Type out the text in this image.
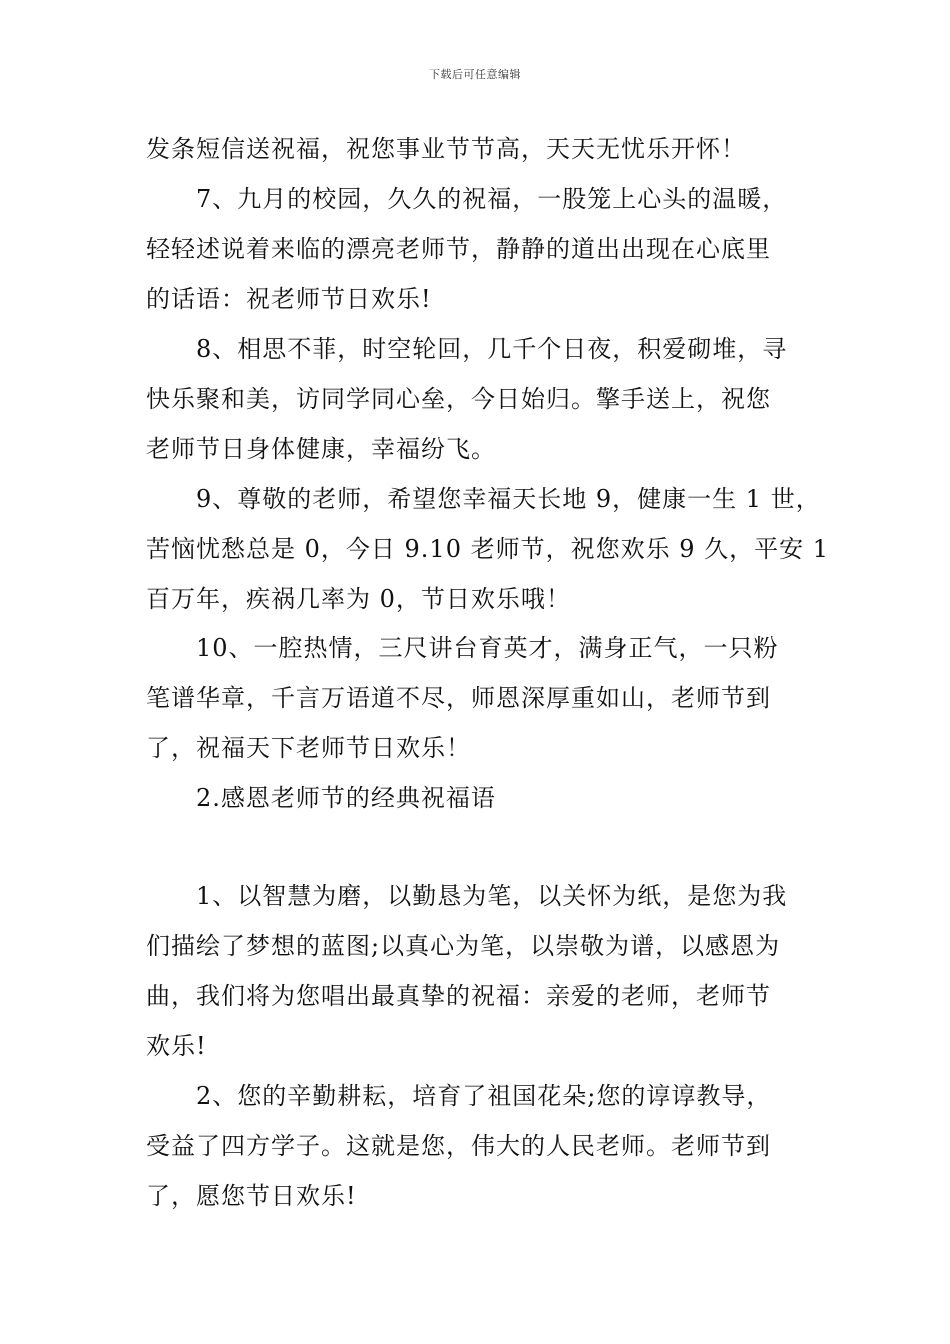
下载后可任意编辑
发条短信送祝福，祝您事业节节高，天天无忧乐开怀！
7、九月的校园，久久的祝福，一股笼上心头的温暖，
轻轻述说着来临的漂亮老师节，静静的道出出现在心底里
的话语：祝老师节日欢乐!
8、相思不菲，时空轮回，几千个日夜，积爱砌堆，寻
快乐聚和美，访同学同心垒，今日始归。擎手送上，祝您
老师节日身体健康，幸福纷飞。
9、尊敬的老师，希望您幸福天长地 9，健康一生 1 世，
苦恼忧愁总是 0，今日 9.10 老师节，祝您欢乐 9 久，平安 1
百万年，疾祸几率为 0，节日欢乐哦！
10、一腔热情，三尺讲台育英才，满身正气，一只粉
笔谱华章，千言万语道不尽，师恩深厚重如山，老师节到
了，祝福天下老师节日欢乐！
2.感恩老师节的经典祝福语
1、以智慧为磨，以勤恳为笔，以关怀为纸，是您为我
们描绘了梦想的蓝图;以真心为笔，以崇敬为谱，以感恩为
曲，我们将为您唱出最真挚的祝福：亲爱的老师，老师节
欢乐!
2、您的辛勤耕耘，培育了祖国花朵;您的谆谆教导，
受益了四方学子。这就是您，伟大的人民老师。老师节到
了，愿您节日欢乐!
